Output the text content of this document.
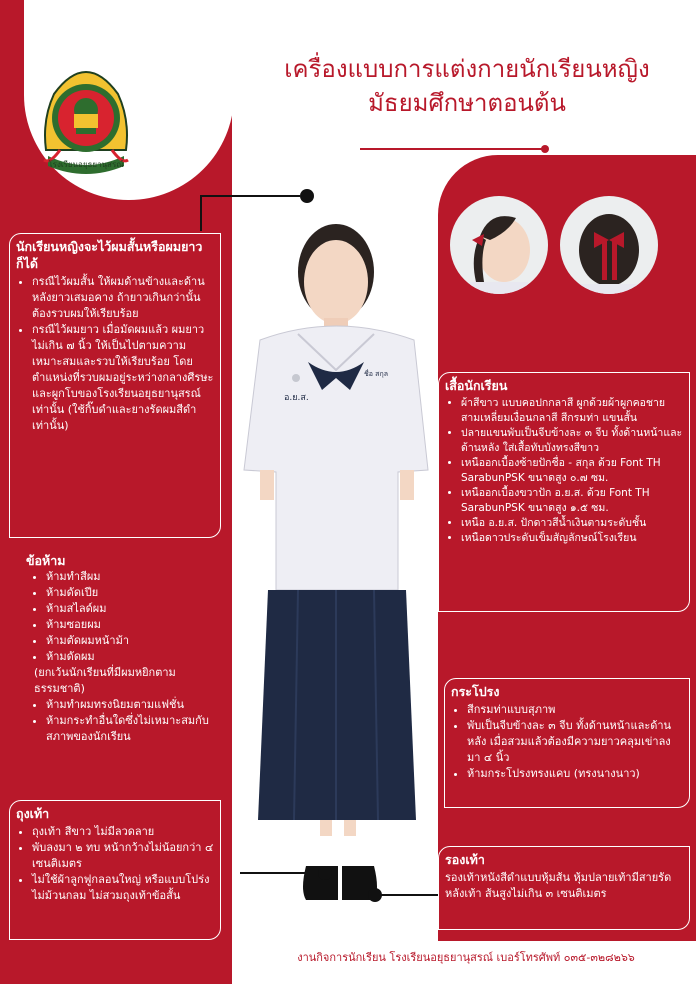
โรงเรียนอยุธยานุสรณ์
เครื่องแบบการแต่งกายนักเรียนหญิง
มัธยมศึกษาตอนต้น
อ.ย.ส.
ชื่อ สกุล
นักเรียนหญิงจะไว้ผมสั้นหรือผมยาวก็ได้
• กรณีไว้ผมสั้น ให้ผมด้านข้างและด้านหลังยาวเสมอคาง ถ้ายาวเกินกว่านั้นต้องรวบผมให้เรียบร้อย
• กรณีไว้ผมยาว เมื่อมัดผมแล้ว ผมยาวไม่เกิน ๗ นิ้ว ให้เป็นไปตามความเหมาะสมและรวบให้เรียบร้อย โดยตำแหน่งที่รวบผมอยู่ระหว่างกลางศีรษะและผูกโบของโรงเรียนอยุธยานุสรณ์เท่านั้น (ใช้กิ๊บดำและยางรัดผมสีดำเท่านั้น)
ข้อห้าม
• ห้ามทำสีผม
• ห้ามดัดเปีย
• ห้ามสไลด์ผม
• ห้ามซอยผม
• ห้ามตัดผมหน้าม้า
• ห้ามดัดผม
(ยกเว้นนักเรียนที่มีผมหยิกตามธรรมชาติ)
• ห้ามทำผมทรงนิยมตามแฟชั่น
• ห้ามกระทำอื่นใดซึ่งไม่เหมาะสมกับสภาพของนักเรียน
ถุงเท้า
• ถุงเท้า สีขาว ไม่มีลวดลาย
• พับลงมา ๒ ทบ หน้ากว้างไม่น้อยกว่า ๔ เซนติเมตร
• ไม่ใช้ผ้าลูกฟูกลอนใหญ่ หรือแบบโปร่ง ไม่ม้วนกลม ไม่สวมถุงเท้าข้อสั้น
เสื้อนักเรียน
• ผ้าสีขาว แบบคอปกกลาสี ผูกด้วยผ้าผูกคอชายสามเหลี่ยมเงื่อนกลาสี สีกรมท่า แขนสั้น
• ปลายแขนพับเป็นจีบข้างละ ๓ จีบ ทั้งด้านหน้าและด้านหลัง ใส่เสื้อทับบังทรงสีขาว
• เหนืออกเบื้องซ้ายปักชื่อ - สกุล ด้วย Font TH SarabunPSK ขนาดสูง ๐.๗ ซม.
• เหนืออกเบื้องขวาปัก อ.ย.ส. ด้วย Font TH SarabunPSK ขนาดสูง ๑.๕ ซม.
• เหนือ อ.ย.ส. ปักดาวสีน้ำเงินตามระดับชั้น
• เหนือดาวประดับเข็มสัญลักษณ์โรงเรียน
กระโปรง
• สีกรมท่าแบบสุภาพ
• พับเป็นจีบข้างละ ๓ จีบ ทั้งด้านหน้าและด้านหลัง เมื่อสวมแล้วต้องมีความยาวคลุมเข่าลงมา ๔ นิ้ว
• ห้ามกระโปรงทรงแคบ (ทรงนางนาว)
รองเท้า
รองเท้าหนังสีดำแบบหุ้มส้น หุ้มปลายเท้ามีสายรัดหลังเท้า ส้นสูงไม่เกิน ๓ เซนติเมตร
งานกิจการนักเรียน โรงเรียนอยุธยานุสรณ์ เบอร์โทรศัพท์ ๐๓๕-๓๒๘๒๖๖
